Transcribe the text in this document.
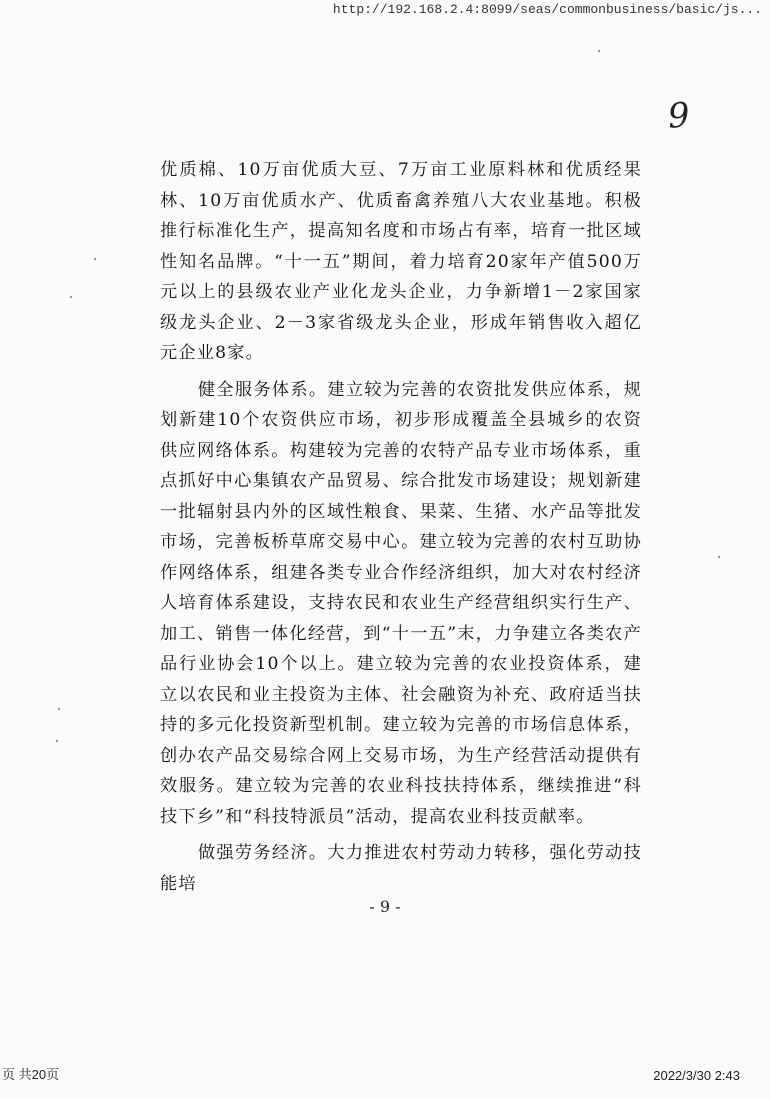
http://192.168.2.4:8099/seas/commonbusiness/basic/js...
9

优质棉、10万亩优质大豆、7万亩工业原料林和优质经果林、10万亩优质水产、优质畜禽养殖八大农业基地。积极推行标准化生产，提高知名度和市场占有率，培育一批区域性知名品牌。“十一五”期间，着力培育20家年产值500万元以上的县级农业产业化龙头企业，力争新增1－2家国家级龙头企业、2－3家省级龙头企业，形成年销售收入超亿元企业8家。

健全服务体系。建立较为完善的农资批发供应体系，规划新建10个农资供应市场，初步形成覆盖全县城乡的农资供应网络体系。构建较为完善的农特产品专业市场体系，重点抓好中心集镇农产品贸易、综合批发市场建设；规划新建一批辐射县内外的区域性粮食、果菜、生猪、水产品等批发市场，完善板桥草席交易中心。建立较为完善的农村互助协作网络体系，组建各类专业合作经济组织，加大对农村经济人培育体系建设，支持农民和农业生产经营组织实行生产、加工、销售一体化经营，到“十一五”末，力争建立各类农产品行业协会10个以上。建立较为完善的农业投资体系，建立以农民和业主投资为主体、社会融资为补充、政府适当扶持的多元化投资新型机制。建立较为完善的市场信息体系，创办农产品交易综合网上交易市场，为生产经营活动提供有效服务。建立较为完善的农业科技扶持体系，继续推进“科技下乡”和“科技特派员”活动，提高农业科技贡献率。

做强劳务经济。大力推进农村劳动力转移，强化劳动技能培

- 9 -
页 共20页	2022/3/30 2:43
